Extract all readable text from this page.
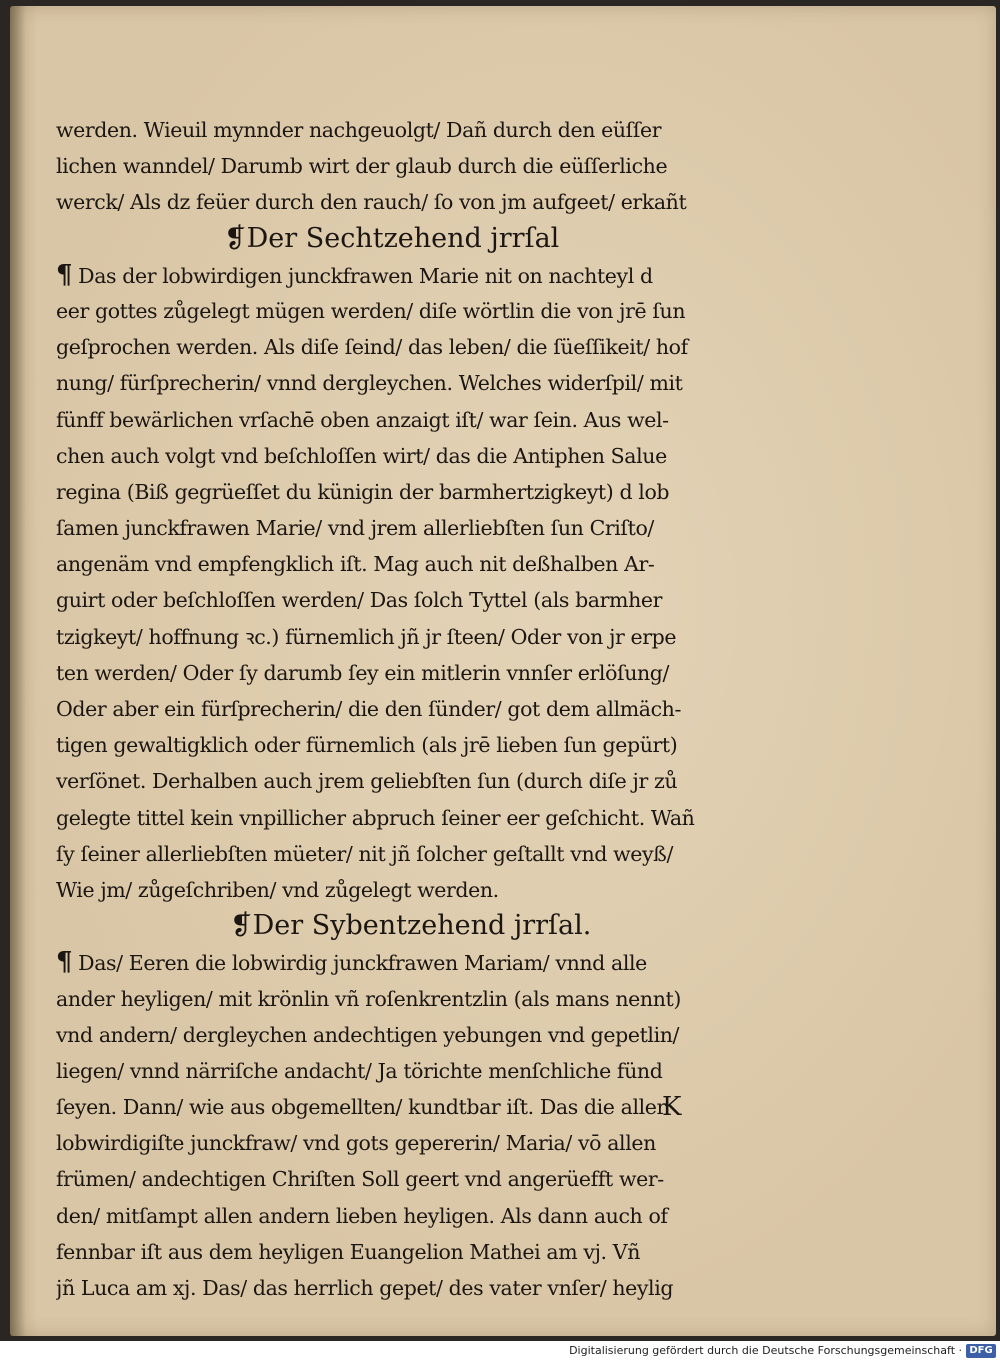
werden. Wieuil mynnder nachgeuolgt/ Dañ durch den eüſſer
lichen wanndel/ Darumb wirt der glaub durch die eüſſerliche
werck/ Als dz feüer durch den rauch/ ſo von jm aufgeet/ erkañt
❡Der Sechtzehend jrrſal
¶ Das der lobwirdigen junckfrawen Marie nit on nachteyl d
eer gottes zůgelegt mügen werden/ diſe wörtlin die von jrē ſun
geſprochen werden. Als diſe ſeind/ das leben/ die ſüeſſikeit/ hof
nung/ fürſprecherin/ vnnd dergleychen. Welches widerſpil/ mit
fünff bewärlichen vrſachē oben anzaigt iſt/ war ſein. Aus wel-
chen auch volgt vnd beſchloſſen wirt/ das die Antiphen Salue
regina (Biß gegrüeſſet du künigin der barmhertzigkeyt) d lob
ſamen junckfrawen Marie/ vnd jrem allerliebſten ſun Criſto/
angenäm vnd empfengklich iſt. Mag auch nit deßhalben Ar-
guirt oder beſchloſſen werden/ Das ſolch Tyttel (als barmher
tzigkeyt/ hoffnung ꝛc.) fürnemlich jñ jr ſteen/ Oder von jr erpe
ten werden/ Oder ſy darumb ſey ein mitlerin vnnſer erlöſung/
Oder aber ein fürſprecherin/ die den ſünder/ got dem allmäch-
tigen gewaltigklich oder fürnemlich (als jrē lieben ſun gepürt)
verſönet. Derhalben auch jrem geliebſten ſun (durch diſe jr zů
gelegte tittel kein vnpillicher abpruch ſeiner eer geſchicht. Wañ
ſy ſeiner allerliebſten müeter/ nit jñ ſolcher geſtallt vnd weyß/
Wie jm/ zůgeſchriben/ vnd zůgelegt werden.
❡Der Sybentzehend jrrſal.
¶ Das/ Eeren die lobwirdig junckfrawen Mariam/ vnnd alle
ander heyligen/ mit krönlin vñ roſenkrentzlin (als mans nennt)
vnd andern/ dergleychen andechtigen yebungen vnd gepetlin/
liegen/ vnnd närriſche andacht/ Ja törichte menſchliche fünd
ſeyen. Dann/ wie aus obgemellten/ kundtbar iſt. Das die aller
lobwirdigiſte junckfraw/ vnd gots gepererin/ Maria/ vō allen
frümen/ andechtigen Chriſten Soll geert vnd angerüefft wer-
den/ mitſampt allen andern lieben heyligen. Als dann auch of
fennbar iſt aus dem heyligen Euangelion Mathei am vj. Vñ
jñ Luca am xj. Das/ das herrlich gepet/ des vater vnſer/ heylig
K
Digitalisierung gefördert durch die Deutsche Forschungsgemeinschaft · DFG
